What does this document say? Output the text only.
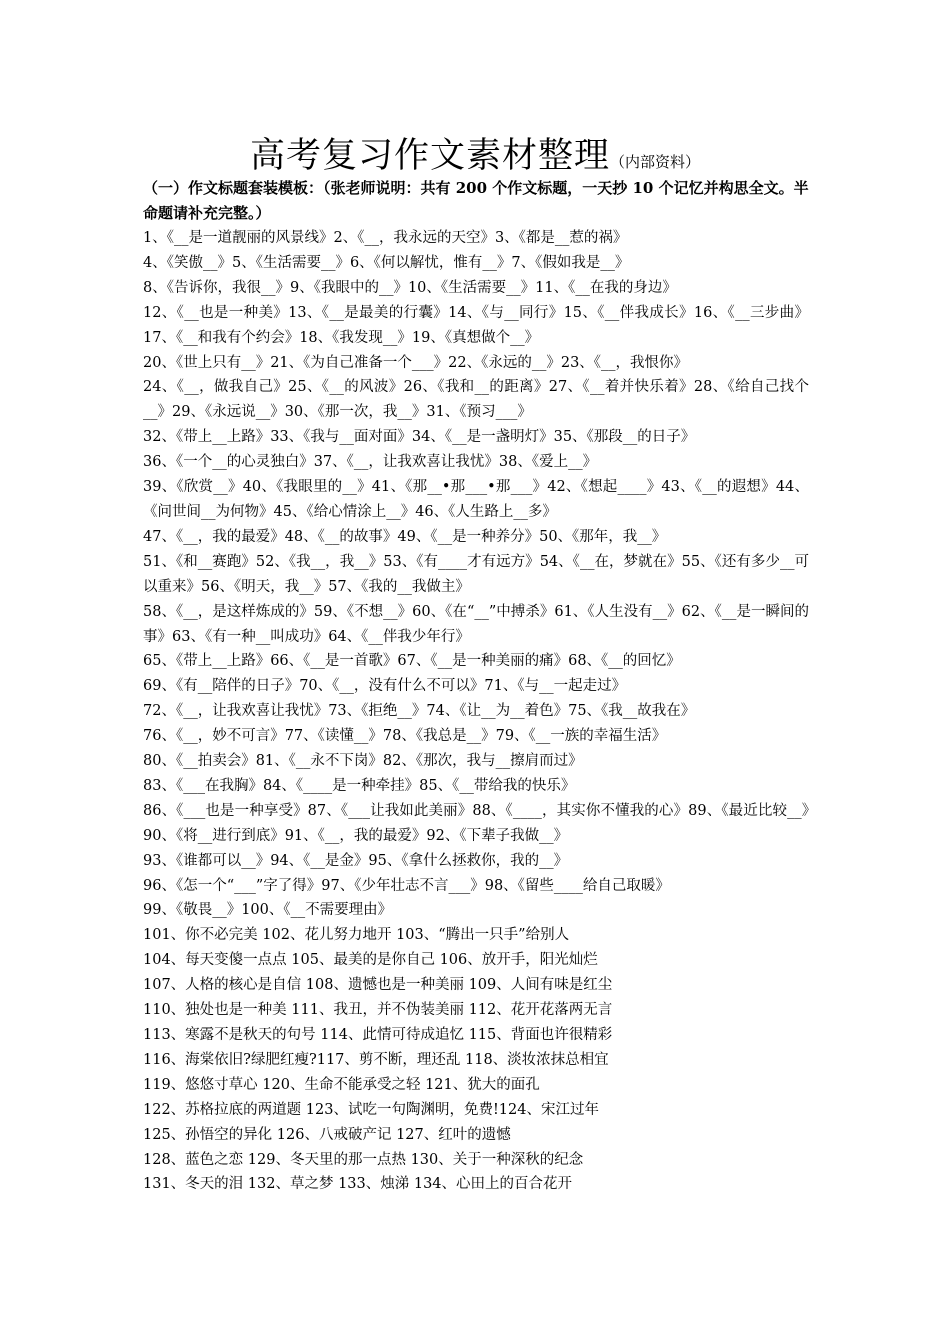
高考复习作文素材整理（内部资料）

（一）作文标题套装模板：（张老师说明：共有 200 个作文标题，一天抄 10 个记忆并构思全文。半命题请补充完整。）

1、《__是一道靓丽的风景线》2、《__，我永远的天空》3、《都是__惹的祸》

4、《笑傲__》5、《生活需要__》6、《何以解忧，惟有__》7、《假如我是__》

8、《告诉你，我很__》9、《我眼中的__》10、《生活需要__》11、《__在我的身边》

12、《__也是一种美》13、《__是最美的行囊》14、《与__同行》15、《__伴我成长》16、《__三步曲》17、《__和我有个约会》18、《我发现__》19、《真想做个__》

20、《世上只有__》21、《为自己准备一个___》22、《永远的__》23、《__，我恨你》

24、《__，做我自己》25、《__的风波》26、《我和__的距离》27、《__着并快乐着》28、《给自己找个__》29、《永远说__》30、《那一次，我__》31、《预习___》

32、《带上__上路》33、《我与__面对面》34、《__是一盏明灯》35、《那段__的日子》

36、《一个__的心灵独白》37、《__，让我欢喜让我忧》38、《爱上__》

39、《欣赏__》40、《我眼里的__》41、《那__•那___•那___》42、《想起____》43、《__的遐想》44、《问世间__为何物》45、《给心情涂上__》46、《人生路上__多》

47、《__，我的最爱》48、《__的故事》49、《__是一种养分》50、《那年，我__》

51、《和__赛跑》52、《我__，我__》53、《有____才有远方》54、《__在，梦就在》55、《还有多少__可以重来》56、《明天，我__》57、《我的__我做主》

58、《__，是这样炼成的》59、《不想__》60、《在“__”中搏杀》61、《人生没有__》62、《__是一瞬间的事》63、《有一种__叫成功》64、《__伴我少年行》

65、《带上__上路》66、《__是一首歌》67、《__是一种美丽的痛》68、《__的回忆》

69、《有__陪伴的日子》70、《__，没有什么不可以》71、《与__一起走过》

72、《__，让我欢喜让我忧》73、《拒绝__》74、《让__为__着色》75、《我__故我在》

76、《__，妙不可言》77、《读懂__》78、《我总是__》79、《__一族的幸福生活》

80、《__拍卖会》81、《__永不下岗》82、《那次，我与__擦肩而过》

83、《___在我胸》84、《____是一种牵挂》85、《__带给我的快乐》

86、《___也是一种享受》87、《___让我如此美丽》88、《____，其实你不懂我的心》89、《最近比较__》90、《将__进行到底》91、《__，我的最爱》92、《下辈子我做__》

93、《谁都可以__》94、《__是金》95、《拿什么拯救你，我的__》

96、《怎一个“___”字了得》97、《少年壮志不言___》98、《留些____给自己取暖》

99、《敬畏__》100、《__不需要理由》

101、你不必完美 102、花儿努力地开 103、“腾出一只手”给别人

104、每天变傻一点点 105、最美的是你自己 106、放开手，阳光灿烂

107、人格的核心是自信 108、遗憾也是一种美丽 109、人间有味是红尘

110、独处也是一种美 111、我丑，并不伪装美丽 112、花开花落两无言

113、寒露不是秋天的句号 114、此情可待成追忆 115、背面也许很精彩

116、海棠依旧?绿肥红瘦?117、剪不断，理还乱 118、淡妆浓抹总相宜

119、悠悠寸草心 120、生命不能承受之轻 121、犹大的面孔

122、苏格拉底的两道题 123、试吃一句陶渊明，免费!124、宋江过年

125、孙悟空的异化 126、八戒破产记 127、红叶的遗憾

128、蓝色之恋 129、冬天里的那一点热 130、关于一种深秋的纪念

131、冬天的泪 132、草之梦 133、烛涕 134、心田上的百合花开
